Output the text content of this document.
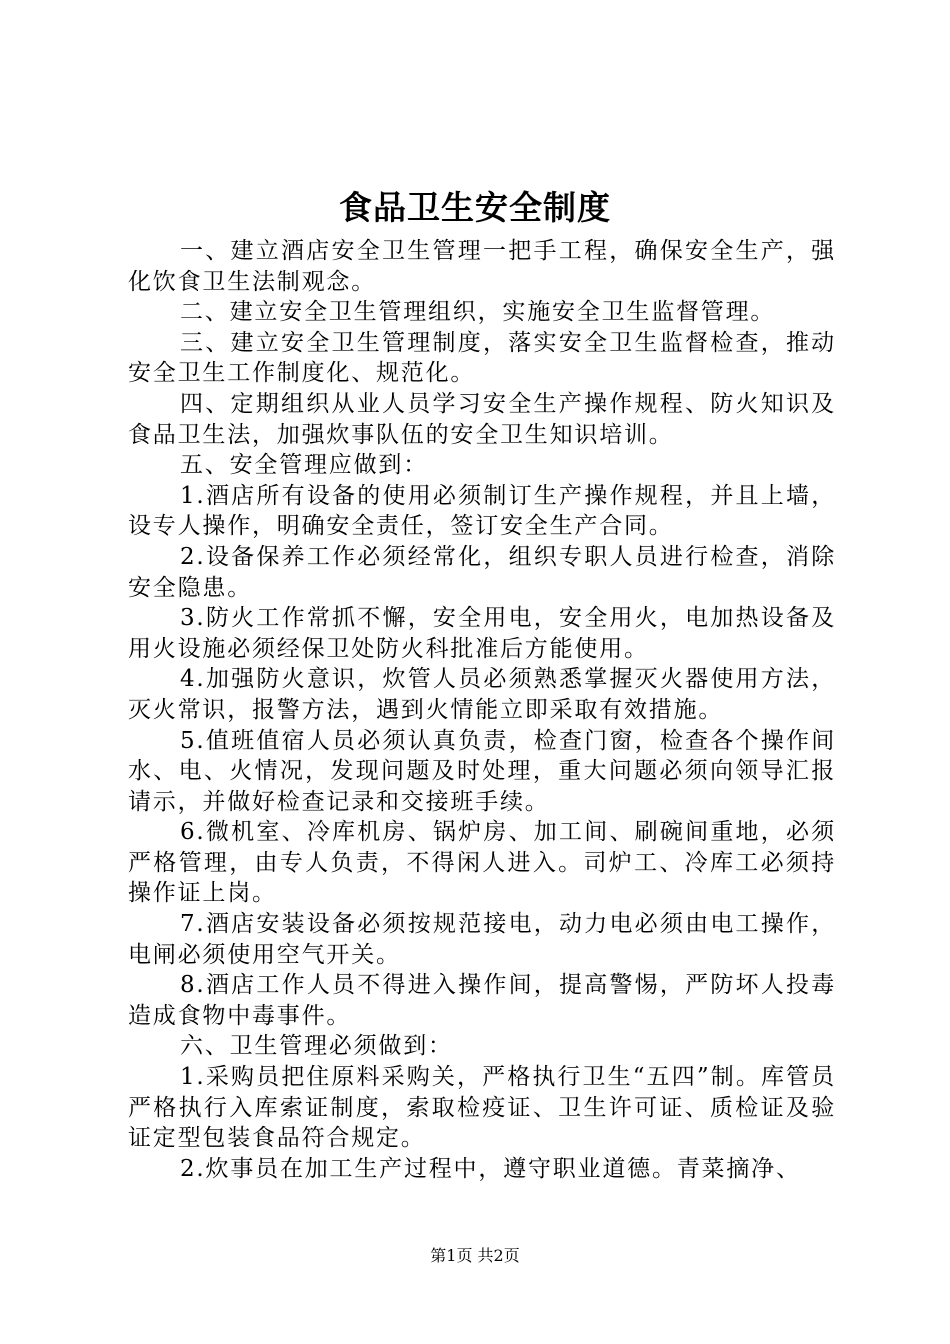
食品卫生安全制度

一、建立酒店安全卫生管理一把手工程，确保安全生产，强化饮食卫生法制观念。

二、建立安全卫生管理组织，实施安全卫生监督管理。

三、建立安全卫生管理制度，落实安全卫生监督检查，推动安全卫生工作制度化、规范化。

四、定期组织从业人员学习安全生产操作规程、防火知识及食品卫生法，加强炊事队伍的安全卫生知识培训。

五、安全管理应做到：

1.酒店所有设备的使用必须制订生产操作规程，并且上墙，设专人操作，明确安全责任，签订安全生产合同。

2.设备保养工作必须经常化，组织专职人员进行检查，消除安全隐患。

3.防火工作常抓不懈，安全用电，安全用火，电加热设备及用火设施必须经保卫处防火科批准后方能使用。

4.加强防火意识，炊管人员必须熟悉掌握灭火器使用方法，灭火常识，报警方法，遇到火情能立即采取有效措施。

5.值班值宿人员必须认真负责，检查门窗，检查各个操作间水、电、火情况，发现问题及时处理，重大问题必须向领导汇报请示，并做好检查记录和交接班手续。

6.微机室、冷库机房、锅炉房、加工间、刷碗间重地，必须严格管理，由专人负责，不得闲人进入。司炉工、冷库工必须持操作证上岗。

7.酒店安装设备必须按规范接电，动力电必须由电工操作，电闸必须使用空气开关。

8.酒店工作人员不得进入操作间，提高警惕，严防坏人投毒造成食物中毒事件。

六、卫生管理必须做到：

1.采购员把住原料采购关，严格执行卫生“五四”制。库管员严格执行入库索证制度，索取检疫证、卫生许可证、质检证及验证定型包装食品符合规定。

2.炊事员在加工生产过程中，遵守职业道德。青菜摘净、

第1页 共2页
